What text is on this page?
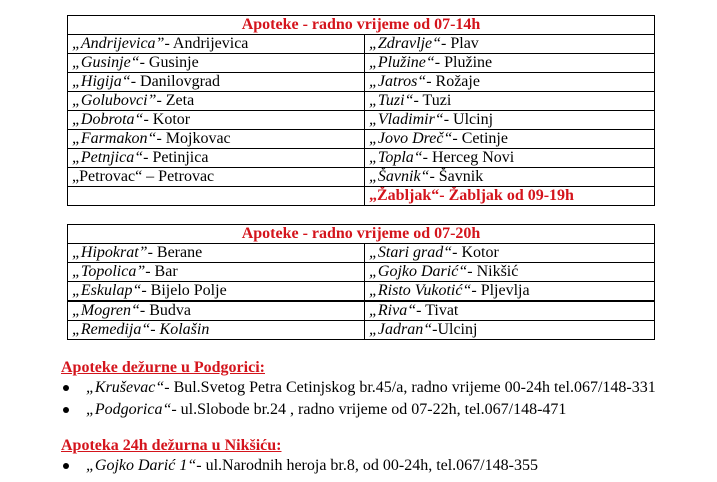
Apoteke - radno vrijeme od 07-14h	
„Andrijevica”- Andrijevica	„Zdravlje“- Plav
„Gusinje“- Gusinje	„Plužine“- Plužine
„Higija“- Danilovgrad	„Jatros“- Rožaje
„Golubovci”- Zeta	„Tuzi“- Tuzi
„Dobrota“- Kotor	„Vladimir“- Ulcinj
„Farmakon“- Mojkovac	„Jovo Dreč“- Cetinje
„Petnjica“- Petinjica	„Topla“- Herceg Novi
„Petrovac“ – Petrovac	„Šavnik“- Šavnik
	„Žabljak“- Žabljak od 09-19h
Apoteke - radno vrijeme od 07-20h	
„Hipokrat”- Berane	„Stari grad“- Kotor
„Topolica”- Bar	„Gojko Darić“- Nikšić
„Eskulap“- Bijelo Polje	„Risto Vukotić“- Pljevlja
„Mogren“- Budva	„Riva“- Tivat
„Remedija“- Kolašin	„Jadran“-Ulcinj
Apoteke dežurne u Podgorici:
„Kruševac“- Bul.Svetog Petra Cetinjskog br.45/a, radno vrijeme 00-24h tel.067/148-331
„Podgorica“- ul.Slobode br.24 , radno vrijeme od 07-22h, tel.067/148-471
Apoteka 24h dežurna u Nikšiću:
„Gojko Darić 1“- ul.Narodnih heroja br.8, od 00-24h, tel.067/148-355
